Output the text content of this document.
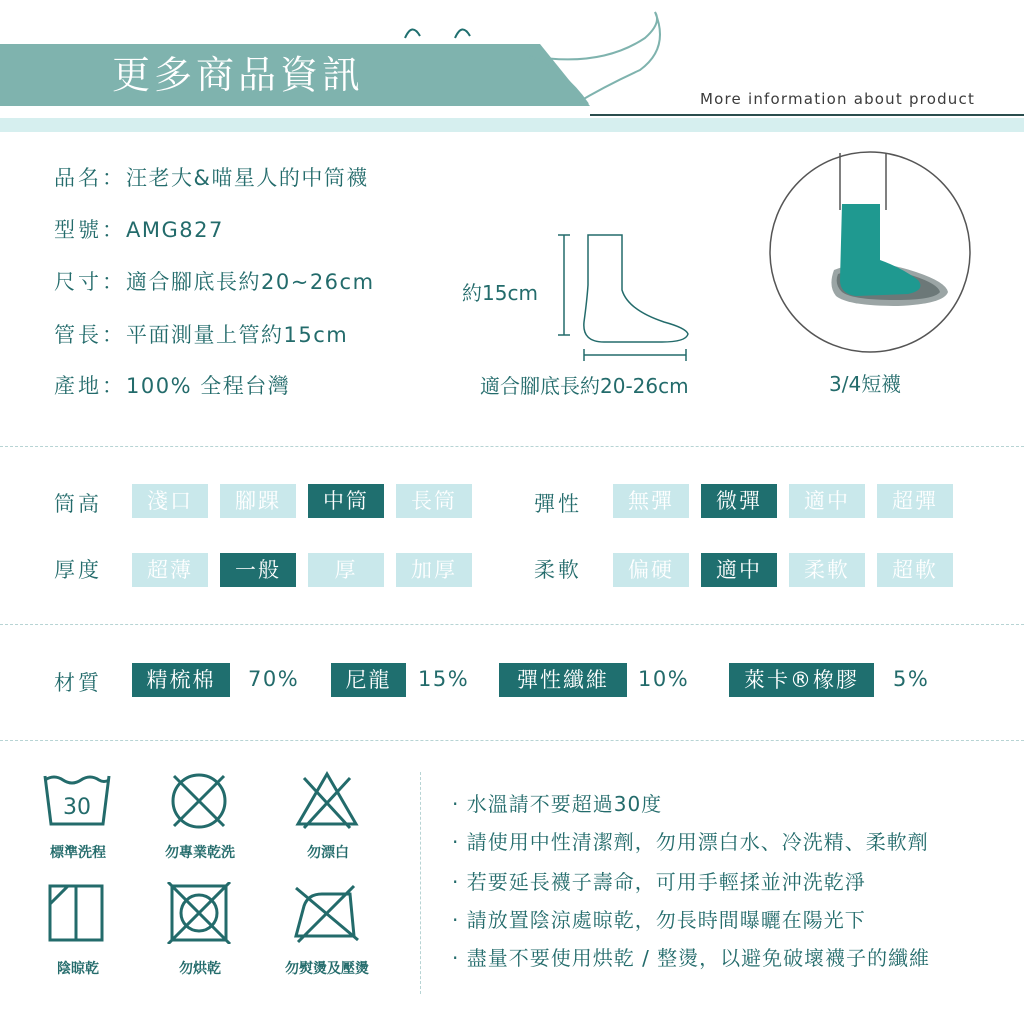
更多商品資訊
More information about product
品名：汪老大&喵星人的中筒襪
型號：AMG827
尺寸：適合腳底長約20~26cm
管長：平面測量上管約15cm
產地：100% 全程台灣
約15cm
適合腳底長約20-26cm	3/4短襪
筒高	淺口	腳踝	中筒	長筒	彈性	無彈	微彈	適中	超彈
厚度	超薄	一般	厚	加厚	柔軟	偏硬	適中	柔軟	超軟
材質	精梳棉	70%	尼龍	15%	彈性纖維	10%	萊卡®橡膠	5%
30
標準洗程	勿專業乾洗	勿漂白
陰晾乾	勿烘乾	勿熨燙及壓燙
· 水溫請不要超過30度
· 請使用中性清潔劑，勿用漂白水、冷洗精、柔軟劑
· 若要延長襪子壽命，可用手輕揉並沖洗乾淨
· 請放置陰涼處晾乾，勿長時間曝曬在陽光下
· 盡量不要使用烘乾 / 整燙，以避免破壞襪子的纖維
